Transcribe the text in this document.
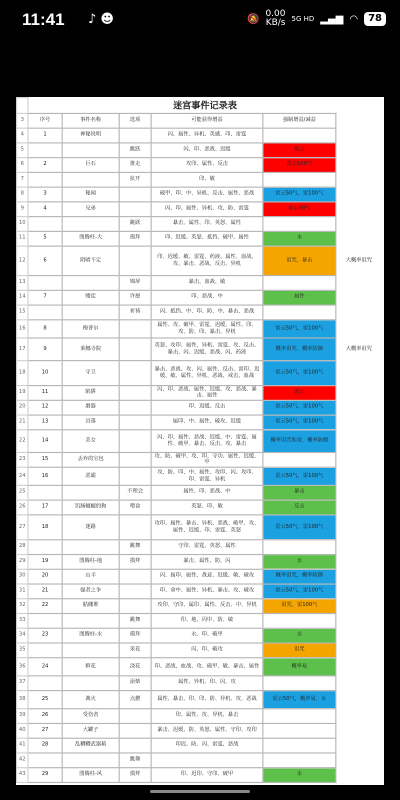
11:41 ♪ ☻	🔕 0.00
KB/s 5G HD ▂▄▆ ◠	78
	迷宫事件记录表					
3	序号	事件名称	选项	可能获得增益	强制增益/减益	
4	1	神秘说明		闪、属性、异机、英感、印、雷霆		
5			跳跃	闪、印、恶战、迟缓	雷云	
6	2	巨石	推走	攻印、属性、反击	雷云100气	
7			抗开	印、敏		
8	3	秘闻		破甲、印、中、异机、反击、属性、恶战	雷云50气，雷100气	
9	4	兄弟		闪、印、属性、异机、攻、防、雷霆	雷云50气	
10			跳跃	暴击、属性、印、英怒、属性		
11	5	图腾柱-大	摸拜	印、迟缓、英怒、抵挡、破甲、属性	水	
12	6	阴晴不定		印、迟缓、敏、雷霆、药液、属性、血战、攻、暴击、恶战、反击、异机	诅咒，暴击	大概率诅咒
13			锦屏	暴击、血战、敏		
14	7	赌徒	许愿	印、恶战、中	属性	
15			祈祷	闪、抵挡、中、印、防、中、暴击、恶战		
16	8	梅普尔		属性、攻、破甲、雷霆、迟缓、属性、印、攻、防、印、暴击、异机	雷云50气，雷100气	
17	9	莱娜寺院		英怒、攻印、属性、异机、雷霆、攻、反击、暴击、闪、迟缓、恶战、闪、药液	概率诅咒，概率防御	大概率诅咒
18	10	守卫		暴击、恶战、攻、闪、属性、反击、雷印、迟缓、敏、属性、异机、恶战、戒击、血战	雷云50气，雷100气	
19	11	陷阱		闪、印、恶战、属性、迟缓、攻、恶战、暴击、属性	雷云	
20	12	磨器		印、迟缓、反击	雷云50气，雷100气	
21	13	岩落		属印、中、属性、破攻、迟缓	雷云50气，雷100气	
22	14	美女		闪、印、属性、恶战、迟缓、中、雷霆、属性、破甲、暴击、反击、攻、暴击	概率诅咒和雷，概率防御	
23	15	丢弃的宝包		攻、防、破甲、攻、印、守功、属性、迟缓、中		
24	16	恶霸		攻、防、印、中、属性、攻印、闪、攻印、印、雷霆、异机	雷云50气，雷100气	
25			不理会	属性、印、恶战、中	暴击	
26	17	饥肠辘辘的狗	喂食	英怒、印、敏	反击	
27	18	迷路		攻印、属性、暴击、异机、恶战、破甲、攻、属性、迟缓、印、雷霆、英怒	雷云50气，雷100气	
28			跳舞	守印、雷霆、英怒、属性		
29	19	图腾柱-地	摸拜	暴击、属性、防、闪	水	
30	20	山羊		闪、属印、属性、战意、迟缓、敏、破攻	概率诅咒，概率防御	
31	21	强者之争		印、命中、属性、异机、暴击、攻、破攻	雷云50气，雷100气	
32	22	骷髅堆		攻印、守印、属印、属性、反击、中、异机	诅咒，雷100气	
33			跳舞	印、地、闪中、防、敏		
34	23	图腾柱-水	摸拜	水、印、破甲	水	
35			采花	闪、印、破攻	诅咒	
36	24	鲜花	浇花	印、恶战、血战、攻、破甲、敏、暴击、属性	概率易	
37			添柴	属性、异机、印、闪、攻		
38	25	篝火	点燃	属性、暴击、印、印、防、异机、攻、恶战	雷云50气，概率易，水	
39	26	受伤者		印、属性、攻、异机、暴击		
40	27	大罐子		暴击、迟缓、防、英怒、属性、守印、攻印		
41	28	乱糟糟武器箱		印迟、防、闪、雷霆、恶战		
42			跳舞			
43	29	图腾柱-风	摸拜	印、迟印、守印、破甲	水	
